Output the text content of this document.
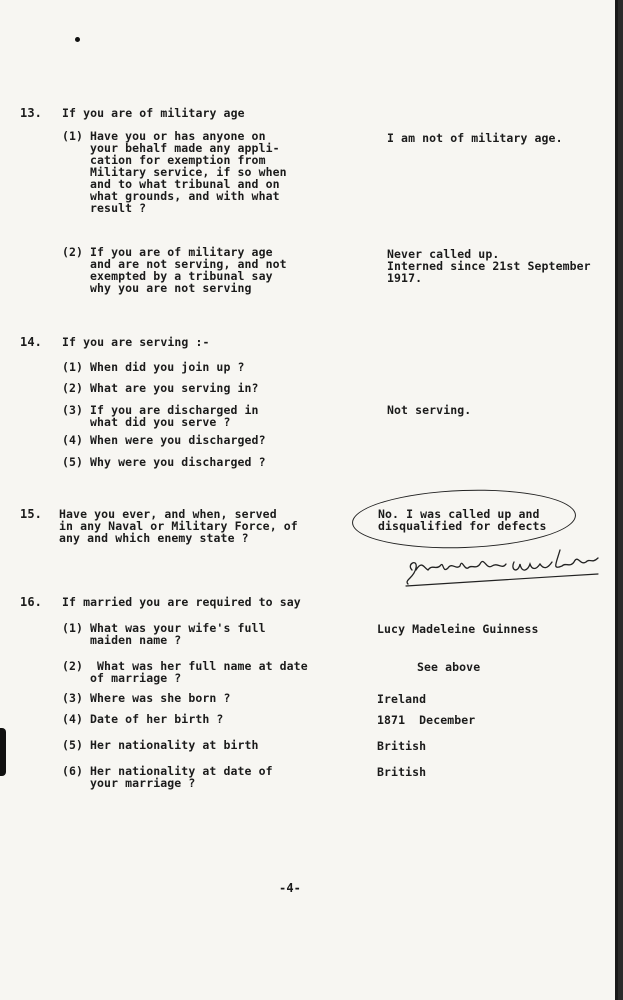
13. If you are of military age

(1) Have you or has anyone on
your behalf made any appli-
cation for exemption from
Military service, if so when
and to what tribunal and on
what grounds, and with what
result ?

I am not of military age.

(2) If you are of military age
and are not serving, and not
exempted by a tribunal say
why you are not serving

Never called up.
Interned since 21st September
1917.

14. If you are serving :-

(1) When did you join up ?

(2) What are you serving in?

(3) If you are discharged in
what did you serve ?

Not serving.

(4) When were you discharged?

(5) Why were you discharged ?

15. Have you ever, and when, served
in any Naval or Military Force, of
any and which enemy state ?

No. I was called up and
disqualified for defects

16. If married you are required to say

(1) What was your wife's full
maiden name ?

Lucy Madeleine Guinness

(2)	What was her full name at date
of marriage ?

See above

(3) Where was she born ?	Ireland

(4) Date of her birth ?	1871  December

(5) Her nationality at birth	British

(6) Her nationality at date of
your marriage ?

British

-4-
